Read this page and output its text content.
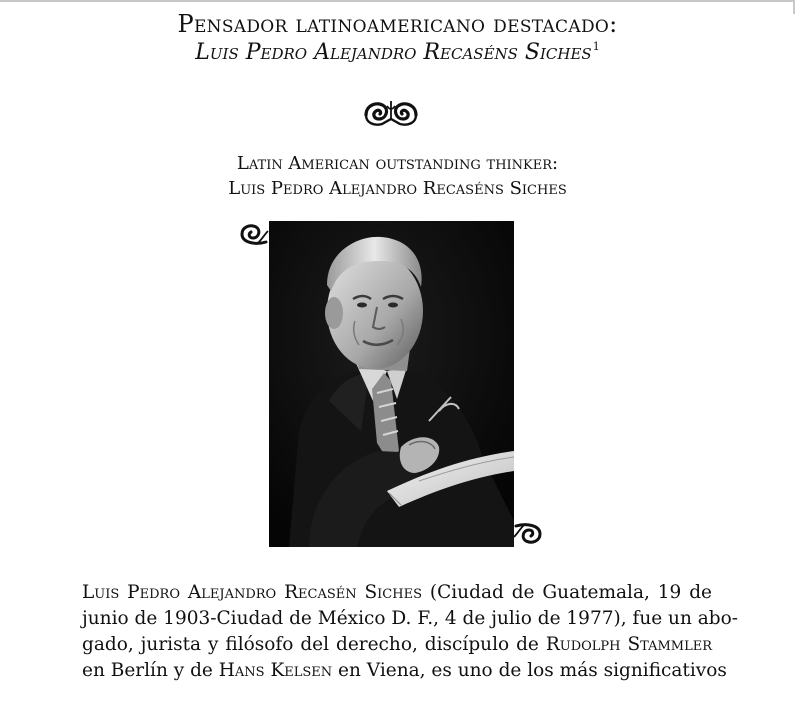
Pensador latinoamericano destacado:
Luis Pedro Alejandro Recaséns Siches$^1$
Latin American outstanding thinker:
Luis Pedro Alejandro Recaséns Siches
Luis Pedro Alejandro Recasén Siches (Ciudad de Guatemala, 19 de
junio de 1903-Ciudad de México D. F., 4 de julio de 1977), fue un abo-
gado, jurista y filósofo del derecho, discípulo de Rudolph Stammler
en Berlín y de Hans Kelsen en Viena, es uno de los más significativos
